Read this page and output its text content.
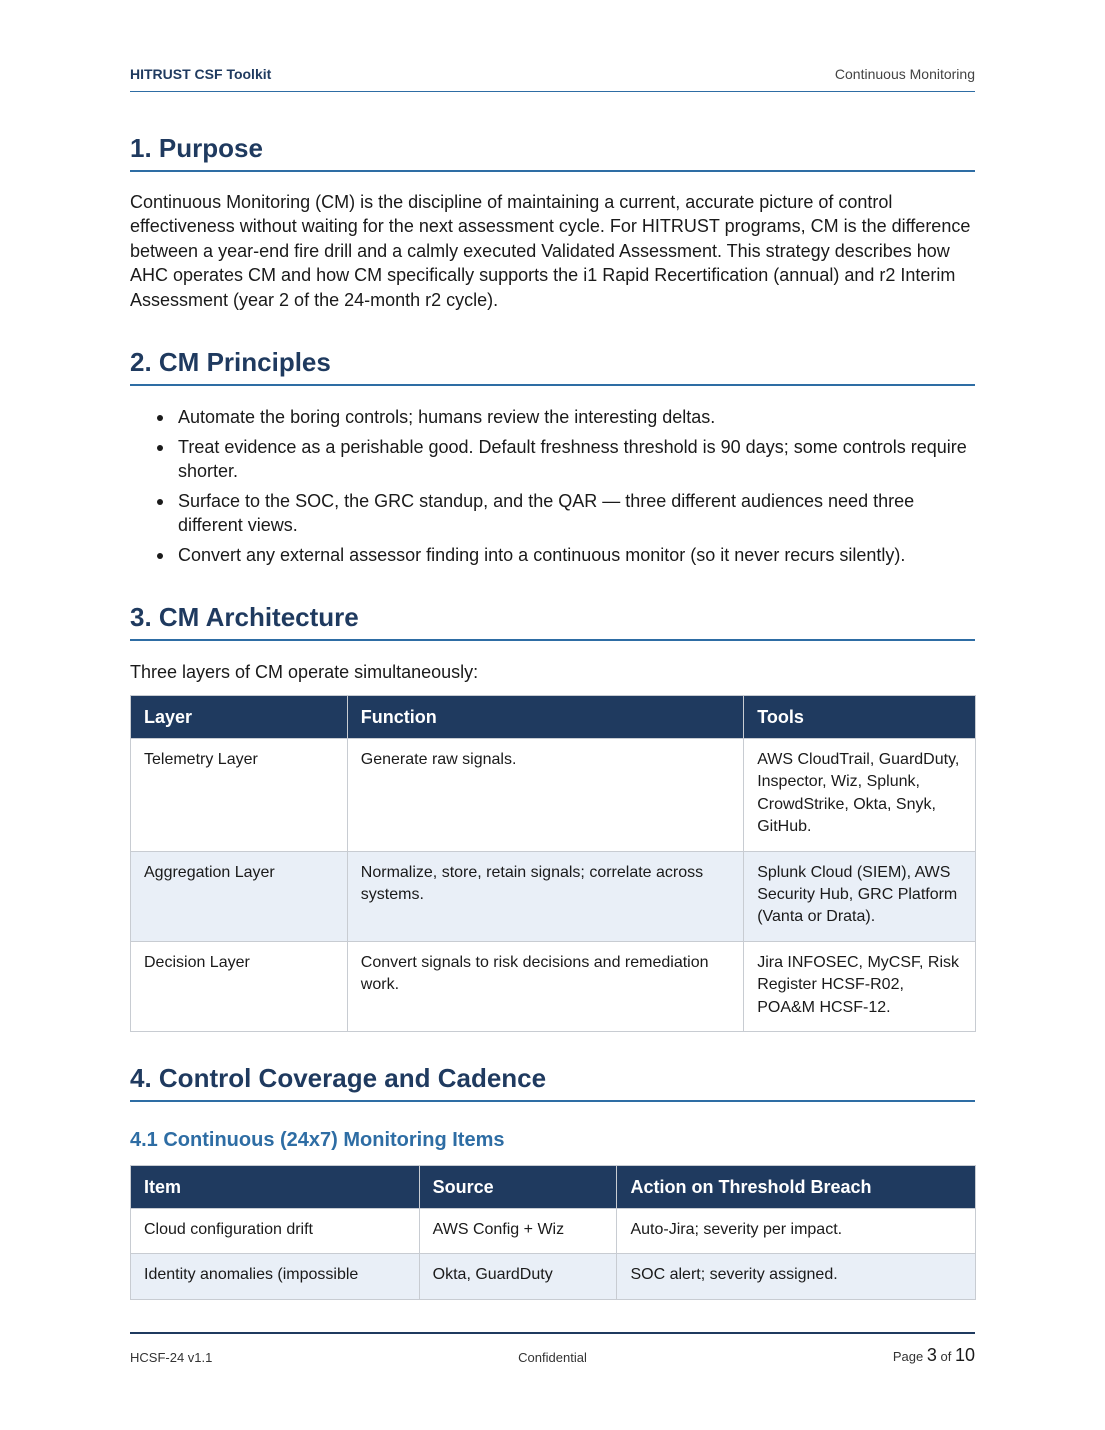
HITRUST CSF Toolkit	Continuous Monitoring
1. Purpose

Continuous Monitoring (CM) is the discipline of maintaining a current, accurate picture of control effectiveness without waiting for the next assessment cycle. For HITRUST programs, CM is the difference between a year-end fire drill and a calmly executed Validated Assessment. This strategy describes how AHC operates CM and how CM specifically supports the i1 Rapid Recertification (annual) and r2 Interim Assessment (year 2 of the 24-month r2 cycle).

2. CM Principles
Automate the boring controls; humans review the interesting deltas.
Treat evidence as a perishable good. Default freshness threshold is 90 days; some controls require shorter.
Surface to the SOC, the GRC standup, and the QAR — three different audiences need three different views.
Convert any external assessor finding into a continuous monitor (so it never recurs silently).
3. CM Architecture

Three layers of CM operate simultaneously:

Layer	Function	Tools
Telemetry Layer	Generate raw signals.	AWS CloudTrail, GuardDuty, Inspector, Wiz, Splunk, CrowdStrike, Okta, Snyk, GitHub.
Aggregation Layer	Normalize, store, retain signals; correlate across systems.	Splunk Cloud (SIEM), AWS Security Hub, GRC Platform (Vanta or Drata).
Decision Layer	Convert signals to risk decisions and remediation work.	Jira INFOSEC, MyCSF, Risk Register HCSF-R02, POA&M HCSF-12.
4. Control Coverage and Cadence
4.1 Continuous (24x7) Monitoring Items
Item	Source	Action on Threshold Breach
Cloud configuration drift	AWS Config + Wiz	Auto-Jira; severity per impact.
Identity anomalies (impossible	Okta, GuardDuty	SOC alert; severity assigned.
HCSF-24 v1.1	Confidential	Page 3 of 10
